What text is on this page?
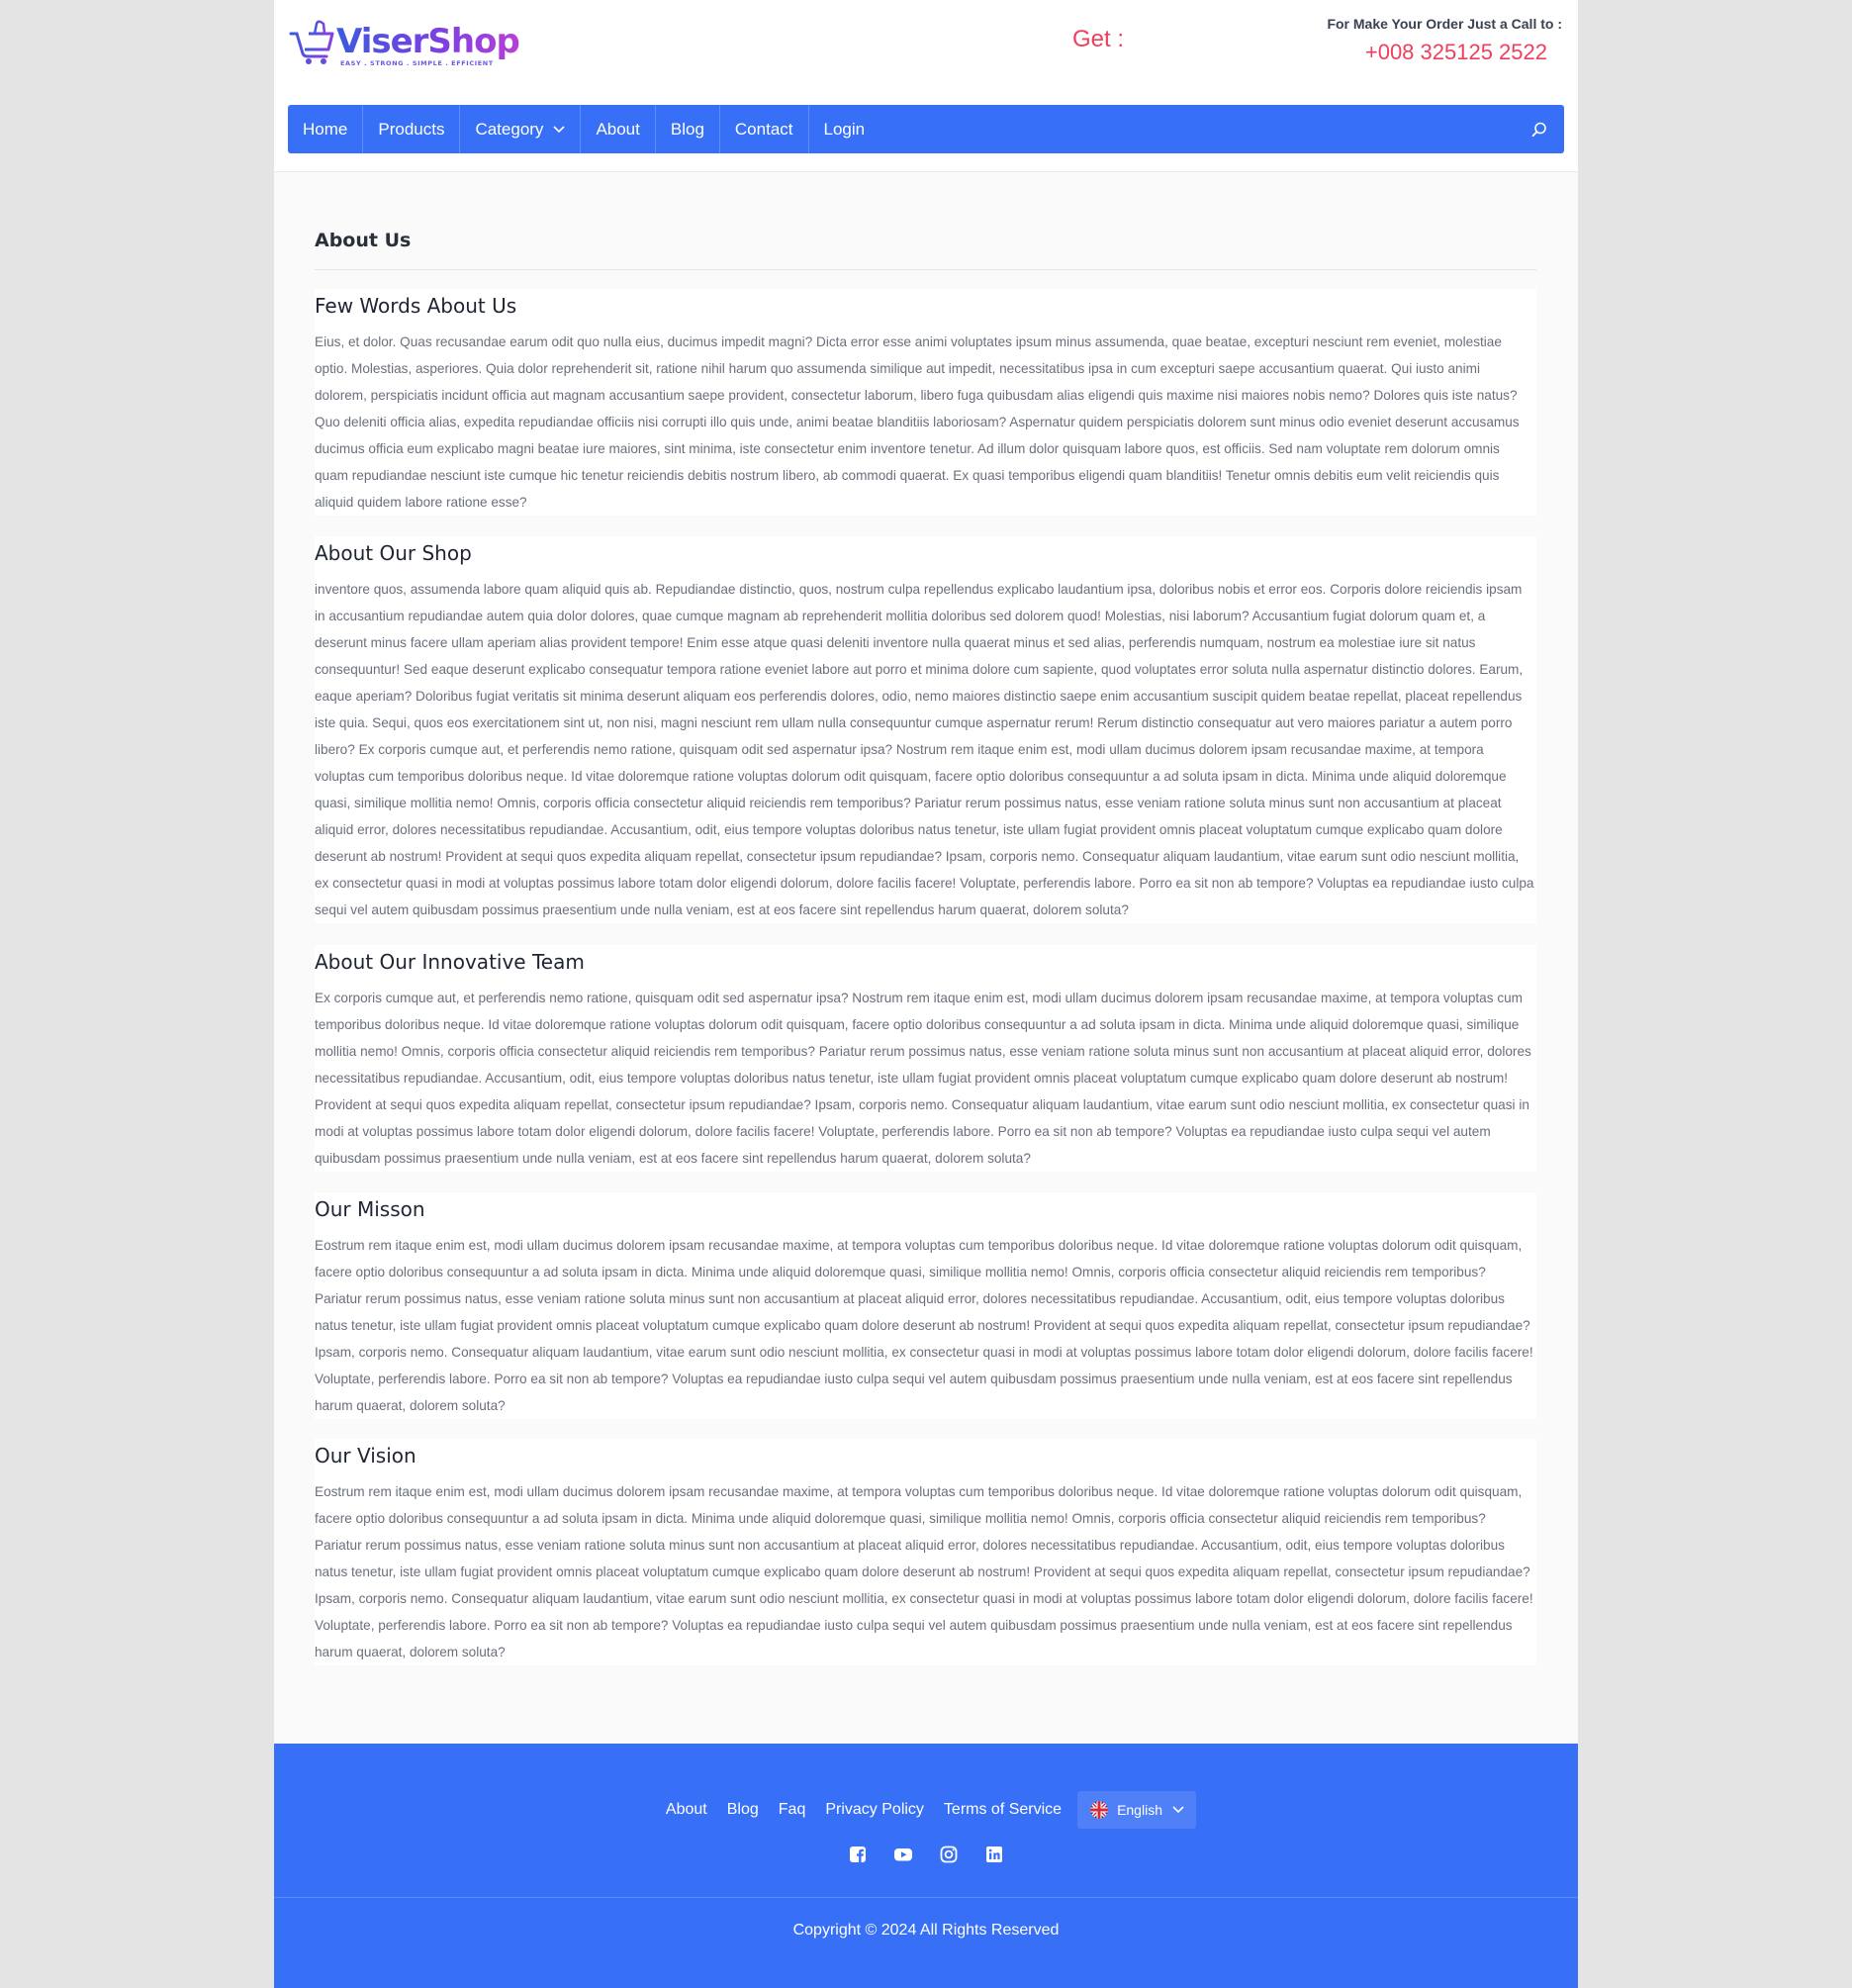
ViserShop
EASY . STRONG . SIMPLE . EFFICIENT
Get :
For Make Your Order Just a Call to :
+008 325125 2522
Home Products Category	About Blog Contact Login
About Us
Few Words About Us

Eius, et dolor. Quas recusandae earum odit quo nulla eius, ducimus impedit magni? Dicta error esse animi voluptates ipsum minus assumenda, quae beatae, excepturi nesciunt rem eveniet, molestiae optio. Molestias, asperiores. Quia dolor reprehenderit sit, ratione nihil harum quo assumenda similique aut impedit, necessitatibus ipsa in cum excepturi saepe accusantium quaerat. Qui iusto animi dolorem, perspiciatis incidunt officia aut magnam accusantium saepe provident, consectetur laborum, libero fuga quibusdam alias eligendi quis maxime nisi maiores nobis nemo? Dolores quis iste natus? Quo deleniti officia alias, expedita repudiandae officiis nisi corrupti illo quis unde, animi beatae blanditiis laboriosam? Aspernatur quidem perspiciatis dolorem sunt minus odio eveniet deserunt accusamus ducimus officia eum explicabo magni beatae iure maiores, sint minima, iste consectetur enim inventore tenetur. Ad illum dolor quisquam labore quos, est officiis. Sed nam voluptate rem dolorum omnis quam repudiandae nesciunt iste cumque hic tenetur reiciendis debitis nostrum libero, ab commodi quaerat. Ex quasi temporibus eligendi quam blanditiis! Tenetur omnis debitis eum velit reiciendis quis aliquid quidem labore ratione esse?

About Our Shop

inventore quos, assumenda labore quam aliquid quis ab. Repudiandae distinctio, quos, nostrum culpa repellendus explicabo laudantium ipsa, doloribus nobis et error eos. Corporis dolore reiciendis ipsam in accusantium repudiandae autem quia dolor dolores, quae cumque magnam ab reprehenderit mollitia doloribus sed dolorem quod! Molestias, nisi laborum? Accusantium fugiat dolorum quam et, a deserunt minus facere ullam aperiam alias provident tempore! Enim esse atque quasi deleniti inventore nulla quaerat minus et sed alias, perferendis numquam, nostrum ea molestiae iure sit natus consequuntur! Sed eaque deserunt explicabo consequatur tempora ratione eveniet labore aut porro et minima dolore cum sapiente, quod voluptates error soluta nulla aspernatur distinctio dolores. Earum, eaque aperiam? Doloribus fugiat veritatis sit minima deserunt aliquam eos perferendis dolores, odio, nemo maiores distinctio saepe enim accusantium suscipit quidem beatae repellat, placeat repellendus iste quia. Sequi, quos eos exercitationem sint ut, non nisi, magni nesciunt rem ullam nulla consequuntur cumque aspernatur rerum! Rerum distinctio consequatur aut vero maiores pariatur a autem porro libero? Ex corporis cumque aut, et perferendis nemo ratione, quisquam odit sed aspernatur ipsa? Nostrum rem itaque enim est, modi ullam ducimus dolorem ipsam recusandae maxime, at tempora voluptas cum temporibus doloribus neque. Id vitae doloremque ratione voluptas dolorum odit quisquam, facere optio doloribus consequuntur a ad soluta ipsam in dicta. Minima unde aliquid doloremque quasi, similique mollitia nemo! Omnis, corporis officia consectetur aliquid reiciendis rem temporibus? Pariatur rerum possimus natus, esse veniam ratione soluta minus sunt non accusantium at placeat aliquid error, dolores necessitatibus repudiandae. Accusantium, odit, eius tempore voluptas doloribus natus tenetur, iste ullam fugiat provident omnis placeat voluptatum cumque explicabo quam dolore deserunt ab nostrum! Provident at sequi quos expedita aliquam repellat, consectetur ipsum repudiandae? Ipsam, corporis nemo. Consequatur aliquam laudantium, vitae earum sunt odio nesciunt mollitia, ex consectetur quasi in modi at voluptas possimus labore totam dolor eligendi dolorum, dolore facilis facere! Voluptate, perferendis labore. Porro ea sit non ab tempore? Voluptas ea repudiandae iusto culpa sequi vel autem quibusdam possimus praesentium unde nulla veniam, est at eos facere sint repellendus harum quaerat, dolorem soluta?

About Our Innovative Team

Ex corporis cumque aut, et perferendis nemo ratione, quisquam odit sed aspernatur ipsa? Nostrum rem itaque enim est, modi ullam ducimus dolorem ipsam recusandae maxime, at tempora voluptas cum temporibus doloribus neque. Id vitae doloremque ratione voluptas dolorum odit quisquam, facere optio doloribus consequuntur a ad soluta ipsam in dicta. Minima unde aliquid doloremque quasi, similique mollitia nemo! Omnis, corporis officia consectetur aliquid reiciendis rem temporibus? Pariatur rerum possimus natus, esse veniam ratione soluta minus sunt non accusantium at placeat aliquid error, dolores necessitatibus repudiandae. Accusantium, odit, eius tempore voluptas doloribus natus tenetur, iste ullam fugiat provident omnis placeat voluptatum cumque explicabo quam dolore deserunt ab nostrum! Provident at sequi quos expedita aliquam repellat, consectetur ipsum repudiandae? Ipsam, corporis nemo. Consequatur aliquam laudantium, vitae earum sunt odio nesciunt mollitia, ex consectetur quasi in modi at voluptas possimus labore totam dolor eligendi dolorum, dolore facilis facere! Voluptate, perferendis labore. Porro ea sit non ab tempore? Voluptas ea repudiandae iusto culpa sequi vel autem quibusdam possimus praesentium unde nulla veniam, est at eos facere sint repellendus harum quaerat, dolorem soluta?

Our Misson

Eostrum rem itaque enim est, modi ullam ducimus dolorem ipsam recusandae maxime, at tempora voluptas cum temporibus doloribus neque. Id vitae doloremque ratione voluptas dolorum odit quisquam, facere optio doloribus consequuntur a ad soluta ipsam in dicta. Minima unde aliquid doloremque quasi, similique mollitia nemo! Omnis, corporis officia consectetur aliquid reiciendis rem temporibus? Pariatur rerum possimus natus, esse veniam ratione soluta minus sunt non accusantium at placeat aliquid error, dolores necessitatibus repudiandae. Accusantium, odit, eius tempore voluptas doloribus natus tenetur, iste ullam fugiat provident omnis placeat voluptatum cumque explicabo quam dolore deserunt ab nostrum! Provident at sequi quos expedita aliquam repellat, consectetur ipsum repudiandae? Ipsam, corporis nemo. Consequatur aliquam laudantium, vitae earum sunt odio nesciunt mollitia, ex consectetur quasi in modi at voluptas possimus labore totam dolor eligendi dolorum, dolore facilis facere! Voluptate, perferendis labore. Porro ea sit non ab tempore? Voluptas ea repudiandae iusto culpa sequi vel autem quibusdam possimus praesentium unde nulla veniam, est at eos facere sint repellendus harum quaerat, dolorem soluta?

Our Vision

Eostrum rem itaque enim est, modi ullam ducimus dolorem ipsam recusandae maxime, at tempora voluptas cum temporibus doloribus neque. Id vitae doloremque ratione voluptas dolorum odit quisquam, facere optio doloribus consequuntur a ad soluta ipsam in dicta. Minima unde aliquid doloremque quasi, similique mollitia nemo! Omnis, corporis officia consectetur aliquid reiciendis rem temporibus? Pariatur rerum possimus natus, esse veniam ratione soluta minus sunt non accusantium at placeat aliquid error, dolores necessitatibus repudiandae. Accusantium, odit, eius tempore voluptas doloribus natus tenetur, iste ullam fugiat provident omnis placeat voluptatum cumque explicabo quam dolore deserunt ab nostrum! Provident at sequi quos expedita aliquam repellat, consectetur ipsum repudiandae? Ipsam, corporis nemo. Consequatur aliquam laudantium, vitae earum sunt odio nesciunt mollitia, ex consectetur quasi in modi at voluptas possimus labore totam dolor eligendi dolorum, dolore facilis facere! Voluptate, perferendis labore. Porro ea sit non ab tempore? Voluptas ea repudiandae iusto culpa sequi vel autem quibusdam possimus praesentium unde nulla veniam, est at eos facere sint repellendus harum quaerat, dolorem soluta?

About	Blog	Faq	Privacy Policy	Terms of Service	English
Copyright © 2024 All Rights Reserved
